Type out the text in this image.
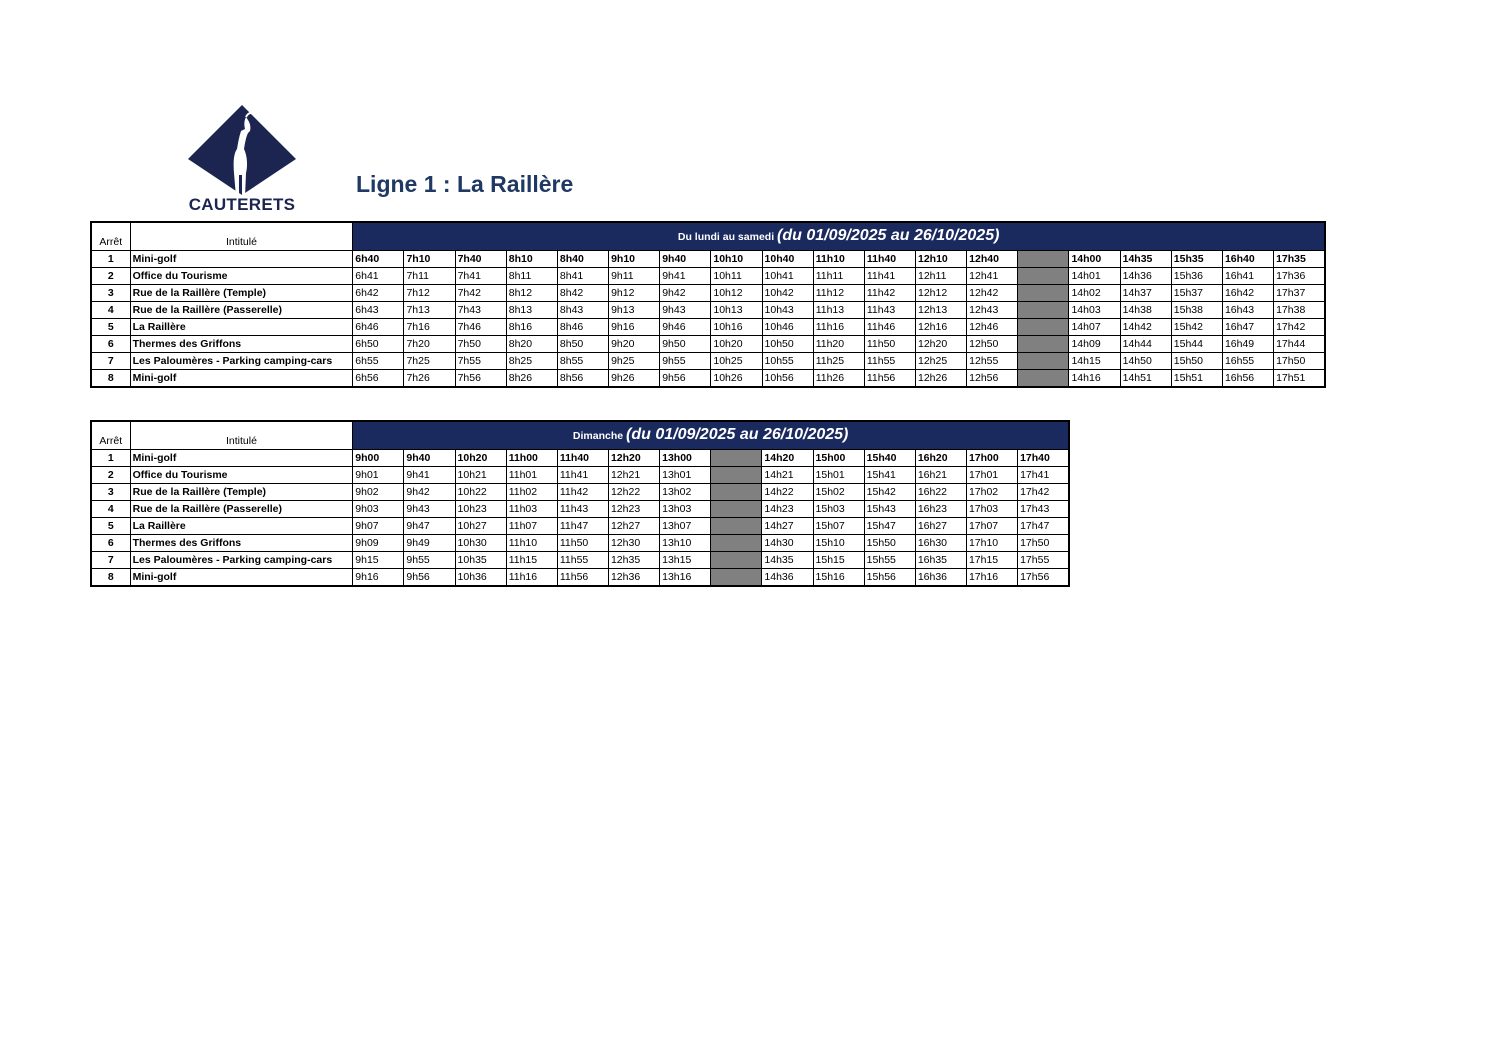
CAUTERETS
Ligne 1 : La Raillère
Arrêt	Intitulé	Du lundi au samedi (du 01/09/2025 au 26/10/2025)																		
1	Mini-golf	6h40	7h10	7h40	8h10	8h40	9h10	9h40	10h10	10h40	11h10	11h40	12h10	12h40		14h00	14h35	15h35	16h40	17h35
2	Office du Tourisme	6h41	7h11	7h41	8h11	8h41	9h11	9h41	10h11	10h41	11h11	11h41	12h11	12h41		14h01	14h36	15h36	16h41	17h36
3	Rue de la Raillère (Temple)	6h42	7h12	7h42	8h12	8h42	9h12	9h42	10h12	10h42	11h12	11h42	12h12	12h42		14h02	14h37	15h37	16h42	17h37
4	Rue de la Raillère (Passerelle)	6h43	7h13	7h43	8h13	8h43	9h13	9h43	10h13	10h43	11h13	11h43	12h13	12h43		14h03	14h38	15h38	16h43	17h38
5	La Raillère	6h46	7h16	7h46	8h16	8h46	9h16	9h46	10h16	10h46	11h16	11h46	12h16	12h46		14h07	14h42	15h42	16h47	17h42
6	Thermes des Griffons	6h50	7h20	7h50	8h20	8h50	9h20	9h50	10h20	10h50	11h20	11h50	12h20	12h50		14h09	14h44	15h44	16h49	17h44
7	Les Paloumères - Parking camping-cars	6h55	7h25	7h55	8h25	8h55	9h25	9h55	10h25	10h55	11h25	11h55	12h25	12h55		14h15	14h50	15h50	16h55	17h50
8	Mini-golf	6h56	7h26	7h56	8h26	8h56	9h26	9h56	10h26	10h56	11h26	11h56	12h26	12h56		14h16	14h51	15h51	16h56	17h51
Arrêt	Intitulé	Dimanche (du 01/09/2025 au 26/10/2025)													
1	Mini-golf	9h00	9h40	10h20	11h00	11h40	12h20	13h00		14h20	15h00	15h40	16h20	17h00	17h40
2	Office du Tourisme	9h01	9h41	10h21	11h01	11h41	12h21	13h01		14h21	15h01	15h41	16h21	17h01	17h41
3	Rue de la Raillère (Temple)	9h02	9h42	10h22	11h02	11h42	12h22	13h02		14h22	15h02	15h42	16h22	17h02	17h42
4	Rue de la Raillère (Passerelle)	9h03	9h43	10h23	11h03	11h43	12h23	13h03		14h23	15h03	15h43	16h23	17h03	17h43
5	La Raillère	9h07	9h47	10h27	11h07	11h47	12h27	13h07		14h27	15h07	15h47	16h27	17h07	17h47
6	Thermes des Griffons	9h09	9h49	10h30	11h10	11h50	12h30	13h10		14h30	15h10	15h50	16h30	17h10	17h50
7	Les Paloumères - Parking camping-cars	9h15	9h55	10h35	11h15	11h55	12h35	13h15		14h35	15h15	15h55	16h35	17h15	17h55
8	Mini-golf	9h16	9h56	10h36	11h16	11h56	12h36	13h16		14h36	15h16	15h56	16h36	17h16	17h56
